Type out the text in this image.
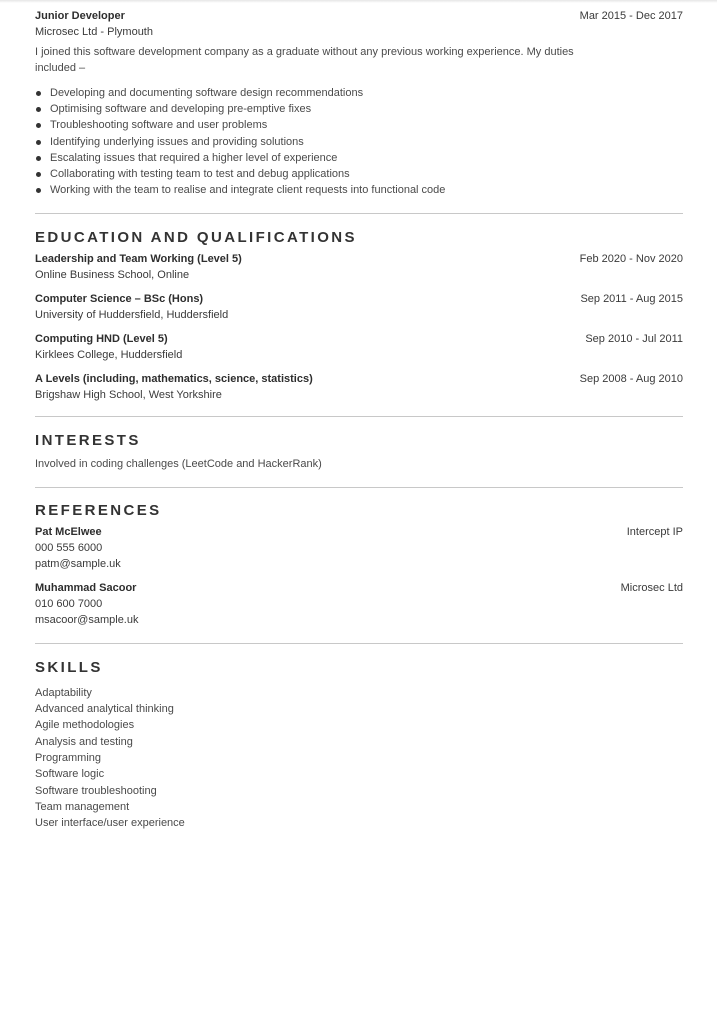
Junior Developer	Mar 2015 - Dec 2017
Microsec Ltd - Plymouth
I joined this software development company as a graduate without any previous working experience. My duties included –
Developing and documenting software design recommendations
Optimising software and developing pre-emptive fixes
Troubleshooting software and user problems
Identifying underlying issues and providing solutions
Escalating issues that required a higher level of experience
Collaborating with testing team to test and debug applications
Working with the team to realise and integrate client requests into functional code
EDUCATION AND QUALIFICATIONS
Leadership and Team Working (Level 5)	Feb 2020 - Nov 2020
Online Business School, Online
Computer Science – BSc (Hons)	Sep 2011 - Aug 2015
University of Huddersfield, Huddersfield
Computing HND (Level 5)	Sep 2010 - Jul 2011
Kirklees College, Huddersfield
A Levels (including, mathematics, science, statistics)	Sep 2008 - Aug 2010
Brigshaw High School, West Yorkshire
INTERESTS
Involved in coding challenges (LeetCode and HackerRank)
REFERENCES
Pat McElwee	Intercept IP
000 555 6000
patm@sample.uk
Muhammad Sacoor	Microsec Ltd
010 600 7000
msacoor@sample.uk
SKILLS
Adaptability
Advanced analytical thinking
Agile methodologies
Analysis and testing
Programming
Software logic
Software troubleshooting
Team management
User interface/user experience
